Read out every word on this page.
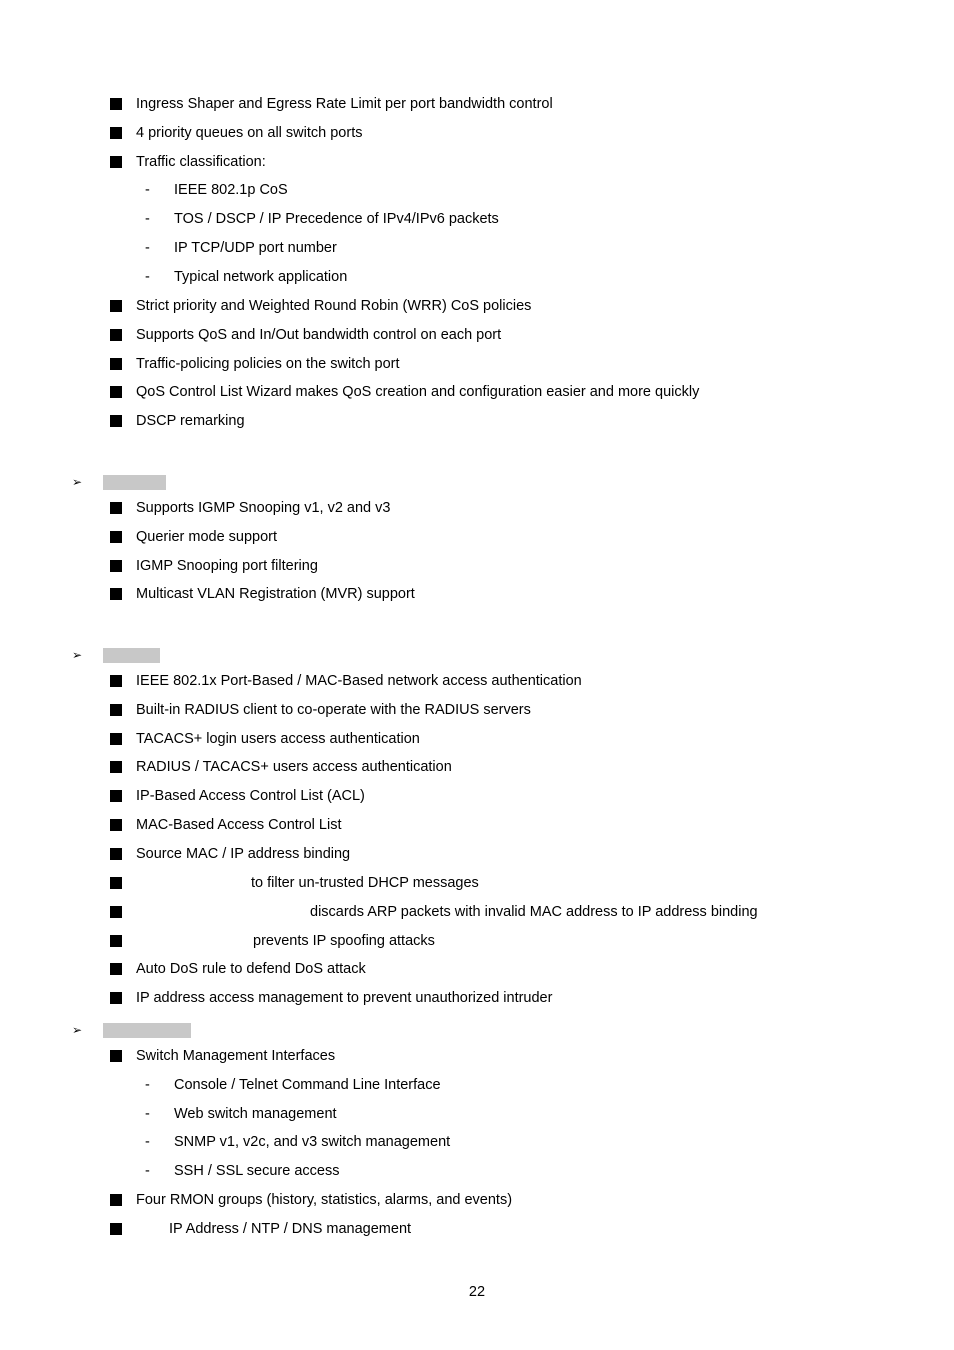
Ingress Shaper and Egress Rate Limit per port bandwidth control
4 priority queues on all switch ports
Traffic classification:
- IEEE 802.1p CoS
- TOS / DSCP / IP Precedence of IPv4/IPv6 packets
- IP TCP/UDP port number
- Typical network application
Strict priority and Weighted Round Robin (WRR) CoS policies
Supports QoS and In/Out bandwidth control on each port
Traffic-policing policies on the switch port
QoS Control List Wizard makes QoS creation and configuration easier and more quickly
DSCP remarking
➢
Supports IGMP Snooping v1, v2 and v3
Querier mode support
IGMP Snooping port filtering
Multicast VLAN Registration (MVR) support
➢
IEEE 802.1x Port-Based / MAC-Based network access authentication
Built-in RADIUS client to co-operate with the RADIUS servers
TACACS+ login users access authentication
RADIUS / TACACS+ users access authentication
IP-Based Access Control List (ACL)
MAC-Based Access Control List
Source MAC / IP address binding
to filter un-trusted DHCP messages
discards ARP packets with invalid MAC address to IP address binding
prevents IP spoofing attacks
Auto DoS rule to defend DoS attack
IP address access management to prevent unauthorized intruder
➢
Switch Management Interfaces
- Console / Telnet Command Line Interface
- Web switch management
- SNMP v1, v2c, and v3 switch management
- SSH / SSL secure access
Four RMON groups (history, statistics, alarms, and events)
IP Address / NTP / DNS management
22
